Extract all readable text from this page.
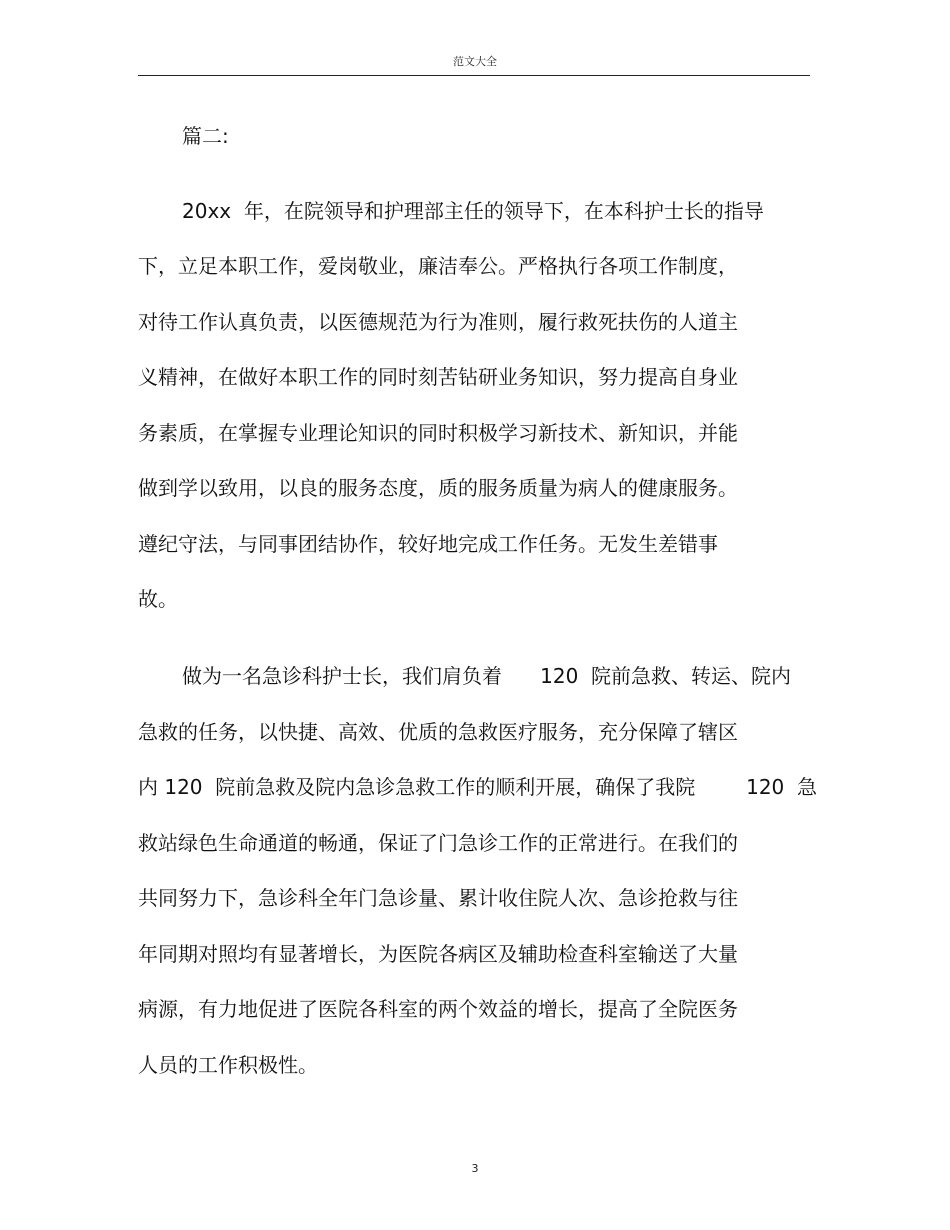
范文大全
篇二:
20xx  年，在院领导和护理部主任的领导下，在本科护士长的指导
下，立足本职工作，爱岗敬业，廉洁奉公。严格执行各项工作制度，
对待工作认真负责，以医德规范为行为准则，履行救死扶伤的人道主
义精神，在做好本职工作的同时刻苦钻研业务知识，努力提高自身业
务素质，在掌握专业理论知识的同时积极学习新技术、新知识，并能
做到学以致用，以良的服务态度，质的服务质量为病人的健康服务。
遵纪守法，与同事团结协作，较好地完成工作任务。无发生差错事
故。
做为一名急诊科护士长，我们肩负着      120  院前急救、转运、院内
急救的任务，以快捷、高效、优质的急救医疗服务，充分保障了辖区
内 120  院前急救及院内急诊急救工作的顺利开展，确保了我院        120  急
救站绿色生命通道的畅通，保证了门急诊工作的正常进行。在我们的
共同努力下，急诊科全年门急诊量、累计收住院人次、急诊抢救与往
年同期对照均有显著增长，为医院各病区及辅助检查科室输送了大量
病源，有力地促进了医院各科室的两个效益的增长，提高了全院医务
人员的工作积极性。
3
